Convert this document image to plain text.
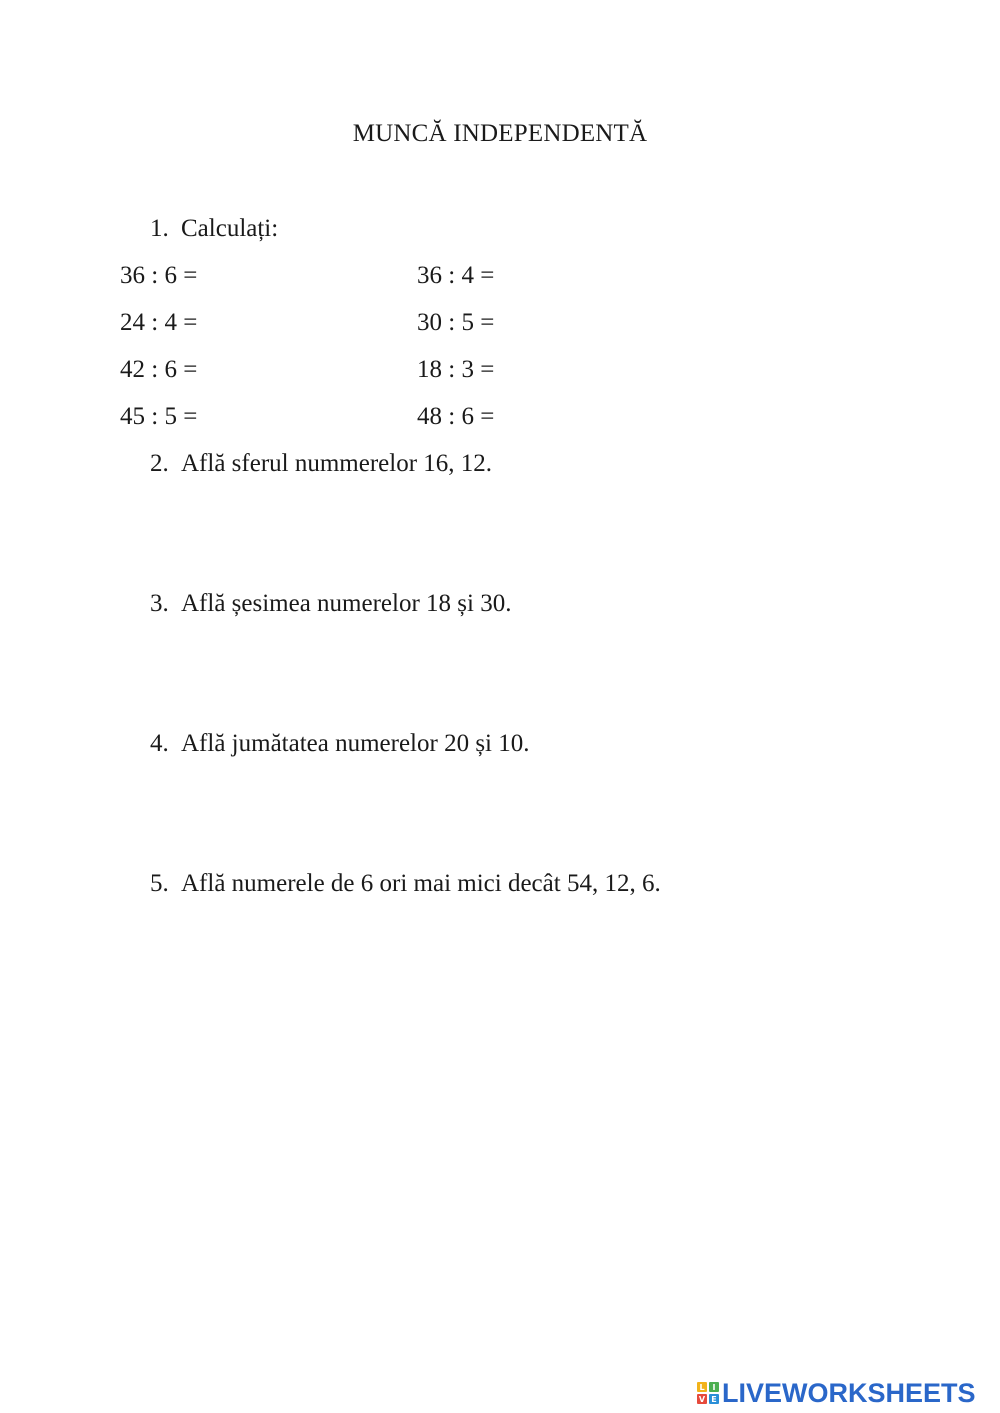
MUNCĂ INDEPENDENTĂ
1. Calculați:
36 : 6 =	36 : 4 =
24 : 4 =	30 : 5 =
42 : 6 =	18 : 3 =
45 : 5 =	48 : 6 =
2. Află sferul nummerelor 16, 12.
3. Află șesimea numerelor 18 și 30.
4. Află jumătatea numerelor 20 și 10.
5. Află numerele de 6 ori mai mici decât 54, 12, 6.
L I
V E LIVEWORKSHEETS
